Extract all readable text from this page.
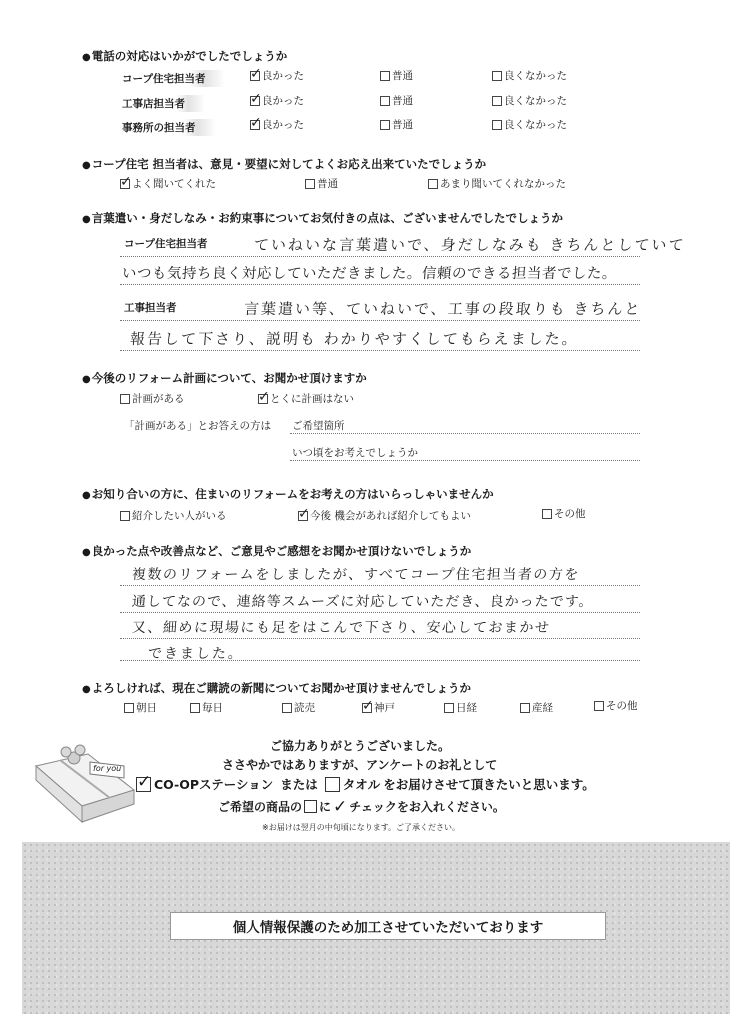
● 電話の対応はいかがでしたでしょうか
コープ住宅担当者 ✓	良かった	普通	良くなかった
工事店担当者 ✓	良かった	普通	良くなかった
事務所の担当者 ✓	良かった	普通	良くなかった
● コープ住宅 担当者は、意見・要望に対してよくお応え出来ていたでしょうか
✓
よく聞いてくれた	普通	あまり聞いてくれなかった
● 言葉遣い・身だしなみ・お約束事についてお気付きの点は、ございませんでしたでしょうか
コープ住宅担当者	ていねいな言葉遣いで、身だしなみも きちんとしていて
いつも気持ち良く対応していただきました。信頼のできる担当者でした。
工事担当者	言葉遣い等、ていねいで、工事の段取りも きちんと
報告して下さり、説明も わかりやすくしてもらえました。
● 今後のリフォーム計画について、お聞かせ頂けますか
計画がある ✓	とくに計画はない
「計画がある」とお答えの方は ご希望箇所
いつ頃をお考えでしょうか
● お知り合いの方に、住まいのリフォームをお考えの方はいらっしゃいませんか
紹介したい人がいる ✓	今後 機会があれば紹介してもよい	その他
● 良かった点や改善点など、ご意見やご感想をお聞かせ頂けないでしょうか
複数のリフォームをしましたが、すべてコープ住宅担当者の方を
通してなので、連絡等スムーズに対応していただき、良かったです。
又、細めに現場にも足をはこんで下さり、安心しておまかせ
できました。
● よろしければ、現在ご購読の新聞についてお聞かせ頂けませんでしょうか
朝日	毎日	読売 ✓	神戸	日経	産経	その他
for you
ご協力ありがとうございました。
ささやかではありますが、アンケートのお礼として
✓
CO-OPステーション または タオル をお届けさせて頂きたいと思います。
ご希望の商品の に ✓ チェックをお入れください。
※お届けは翌月の中旬頃になります。ご了承ください。
個人情報保護のため加工させていただいております
